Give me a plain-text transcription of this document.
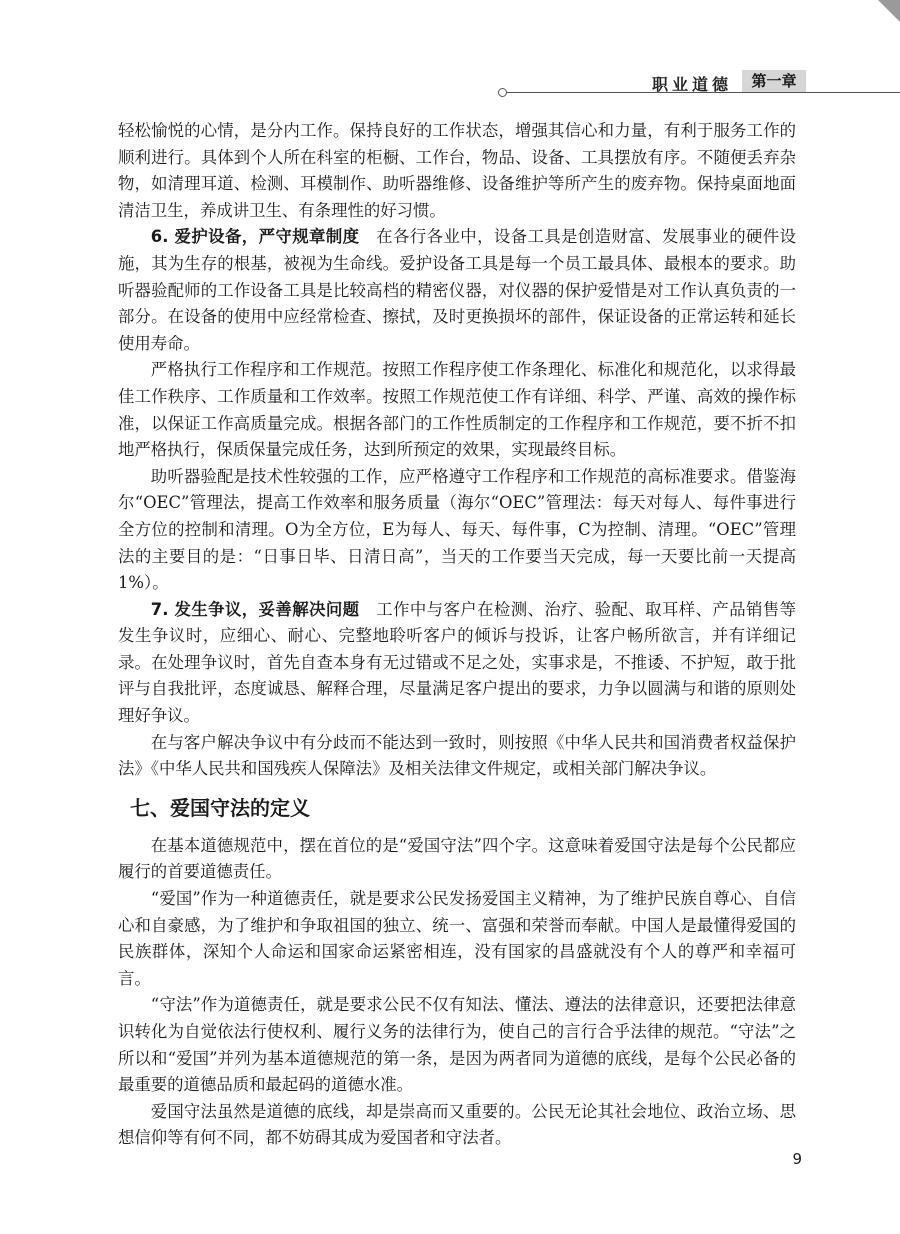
职业道德	第一章

轻松愉悦的心情，是分内工作。保持良好的工作状态，增强其信心和力量，有利于服务工作的顺利进行。具体到个人所在科室的柜橱、工作台，物品、设备、工具摆放有序。不随便丢弃杂物，如清理耳道、检测、耳模制作、助听器维修、设备维护等所产生的废弃物。保持桌面地面清洁卫生，养成讲卫生、有条理性的好习惯。

6. 爱护设备，严守规章制度  在各行各业中，设备工具是创造财富、发展事业的硬件设施，其为生存的根基，被视为生命线。爱护设备工具是每一个员工最具体、最根本的要求。助听器验配师的工作设备工具是比较高档的精密仪器，对仪器的保护爱惜是对工作认真负责的一部分。在设备的使用中应经常检查、擦拭，及时更换损坏的部件，保证设备的正常运转和延长使用寿命。

严格执行工作程序和工作规范。按照工作程序使工作条理化、标准化和规范化，以求得最佳工作秩序、工作质量和工作效率。按照工作规范使工作有详细、科学、严谨、高效的操作标准，以保证工作高质量完成。根据各部门的工作性质制定的工作程序和工作规范，要不折不扣地严格执行，保质保量完成任务，达到所预定的效果，实现最终目标。

助听器验配是技术性较强的工作，应严格遵守工作程序和工作规范的高标准要求。借鉴海尔“OEC”管理法，提高工作效率和服务质量（海尔“OEC”管理法：每天对每人、每件事进行全方位的控制和清理。O为全方位，E为每人、每天、每件事，C为控制、清理。“OEC”管理法的主要目的是：“日事日毕、日清日高”，当天的工作要当天完成，每一天要比前一天提高1%）。

7. 发生争议，妥善解决问题  工作中与客户在检测、治疗、验配、取耳样、产品销售等发生争议时，应细心、耐心、完整地聆听客户的倾诉与投诉，让客户畅所欲言，并有详细记录。在处理争议时，首先自查本身有无过错或不足之处，实事求是，不推诿、不护短，敢于批评与自我批评，态度诚恳、解释合理，尽量满足客户提出的要求，力争以圆满与和谐的原则处理好争议。

在与客户解决争议中有分歧而不能达到一致时，则按照《中华人民共和国消费者权益保护法》《中华人民共和国残疾人保障法》及相关法律文件规定，或相关部门解决争议。

七、爱国守法的定义

在基本道德规范中，摆在首位的是“爱国守法”四个字。这意味着爱国守法是每个公民都应履行的首要道德责任。

“爱国”作为一种道德责任，就是要求公民发扬爱国主义精神，为了维护民族自尊心、自信心和自豪感，为了维护和争取祖国的独立、统一、富强和荣誉而奉献。中国人是最懂得爱国的民族群体，深知个人命运和国家命运紧密相连，没有国家的昌盛就没有个人的尊严和幸福可言。

“守法”作为道德责任，就是要求公民不仅有知法、懂法、遵法的法律意识，还要把法律意识转化为自觉依法行使权利、履行义务的法律行为，使自己的言行合乎法律的规范。“守法”之所以和“爱国”并列为基本道德规范的第一条，是因为两者同为道德的底线，是每个公民必备的最重要的道德品质和最起码的道德水准。

爱国守法虽然是道德的底线，却是崇高而又重要的。公民无论其社会地位、政治立场、思想信仰等有何不同，都不妨碍其成为爱国者和守法者。

9
